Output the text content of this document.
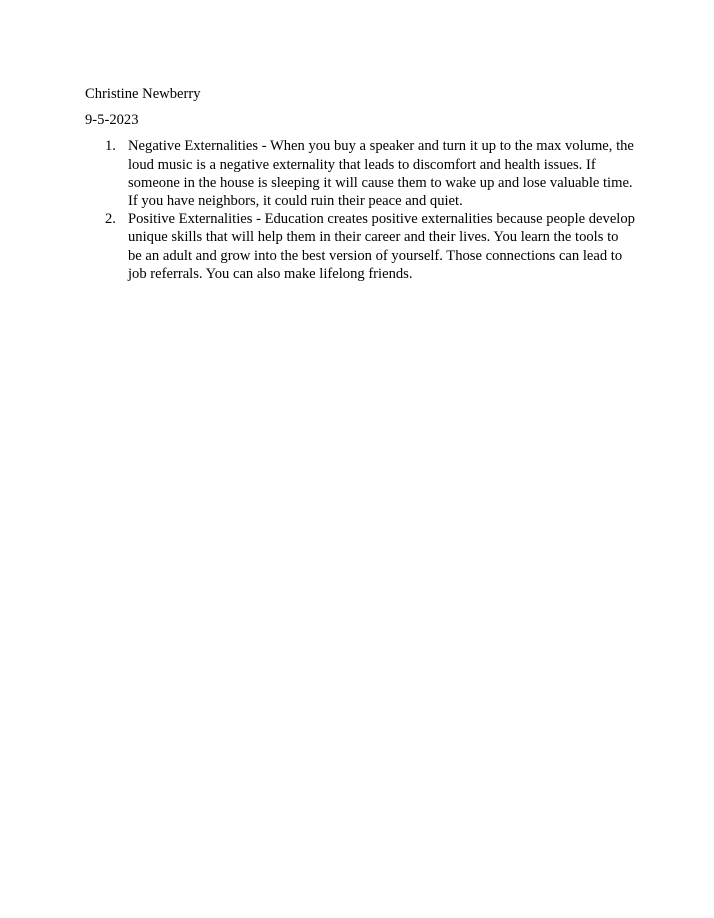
Christine Newberry

9-5-2023

1. Negative Externalities - When you buy a speaker and turn it up to the max volume, the loud music is a negative externality that leads to discomfort and health issues. If someone in the house is sleeping it will cause them to wake up and lose valuable time. If you have neighbors, it could ruin their peace and quiet.
2. Positive Externalities - Education creates positive externalities because people develop unique skills that will help them in their career and their lives. You learn the tools to be an adult and grow into the best version of yourself. Those connections can lead to job referrals. You can also make lifelong friends.
